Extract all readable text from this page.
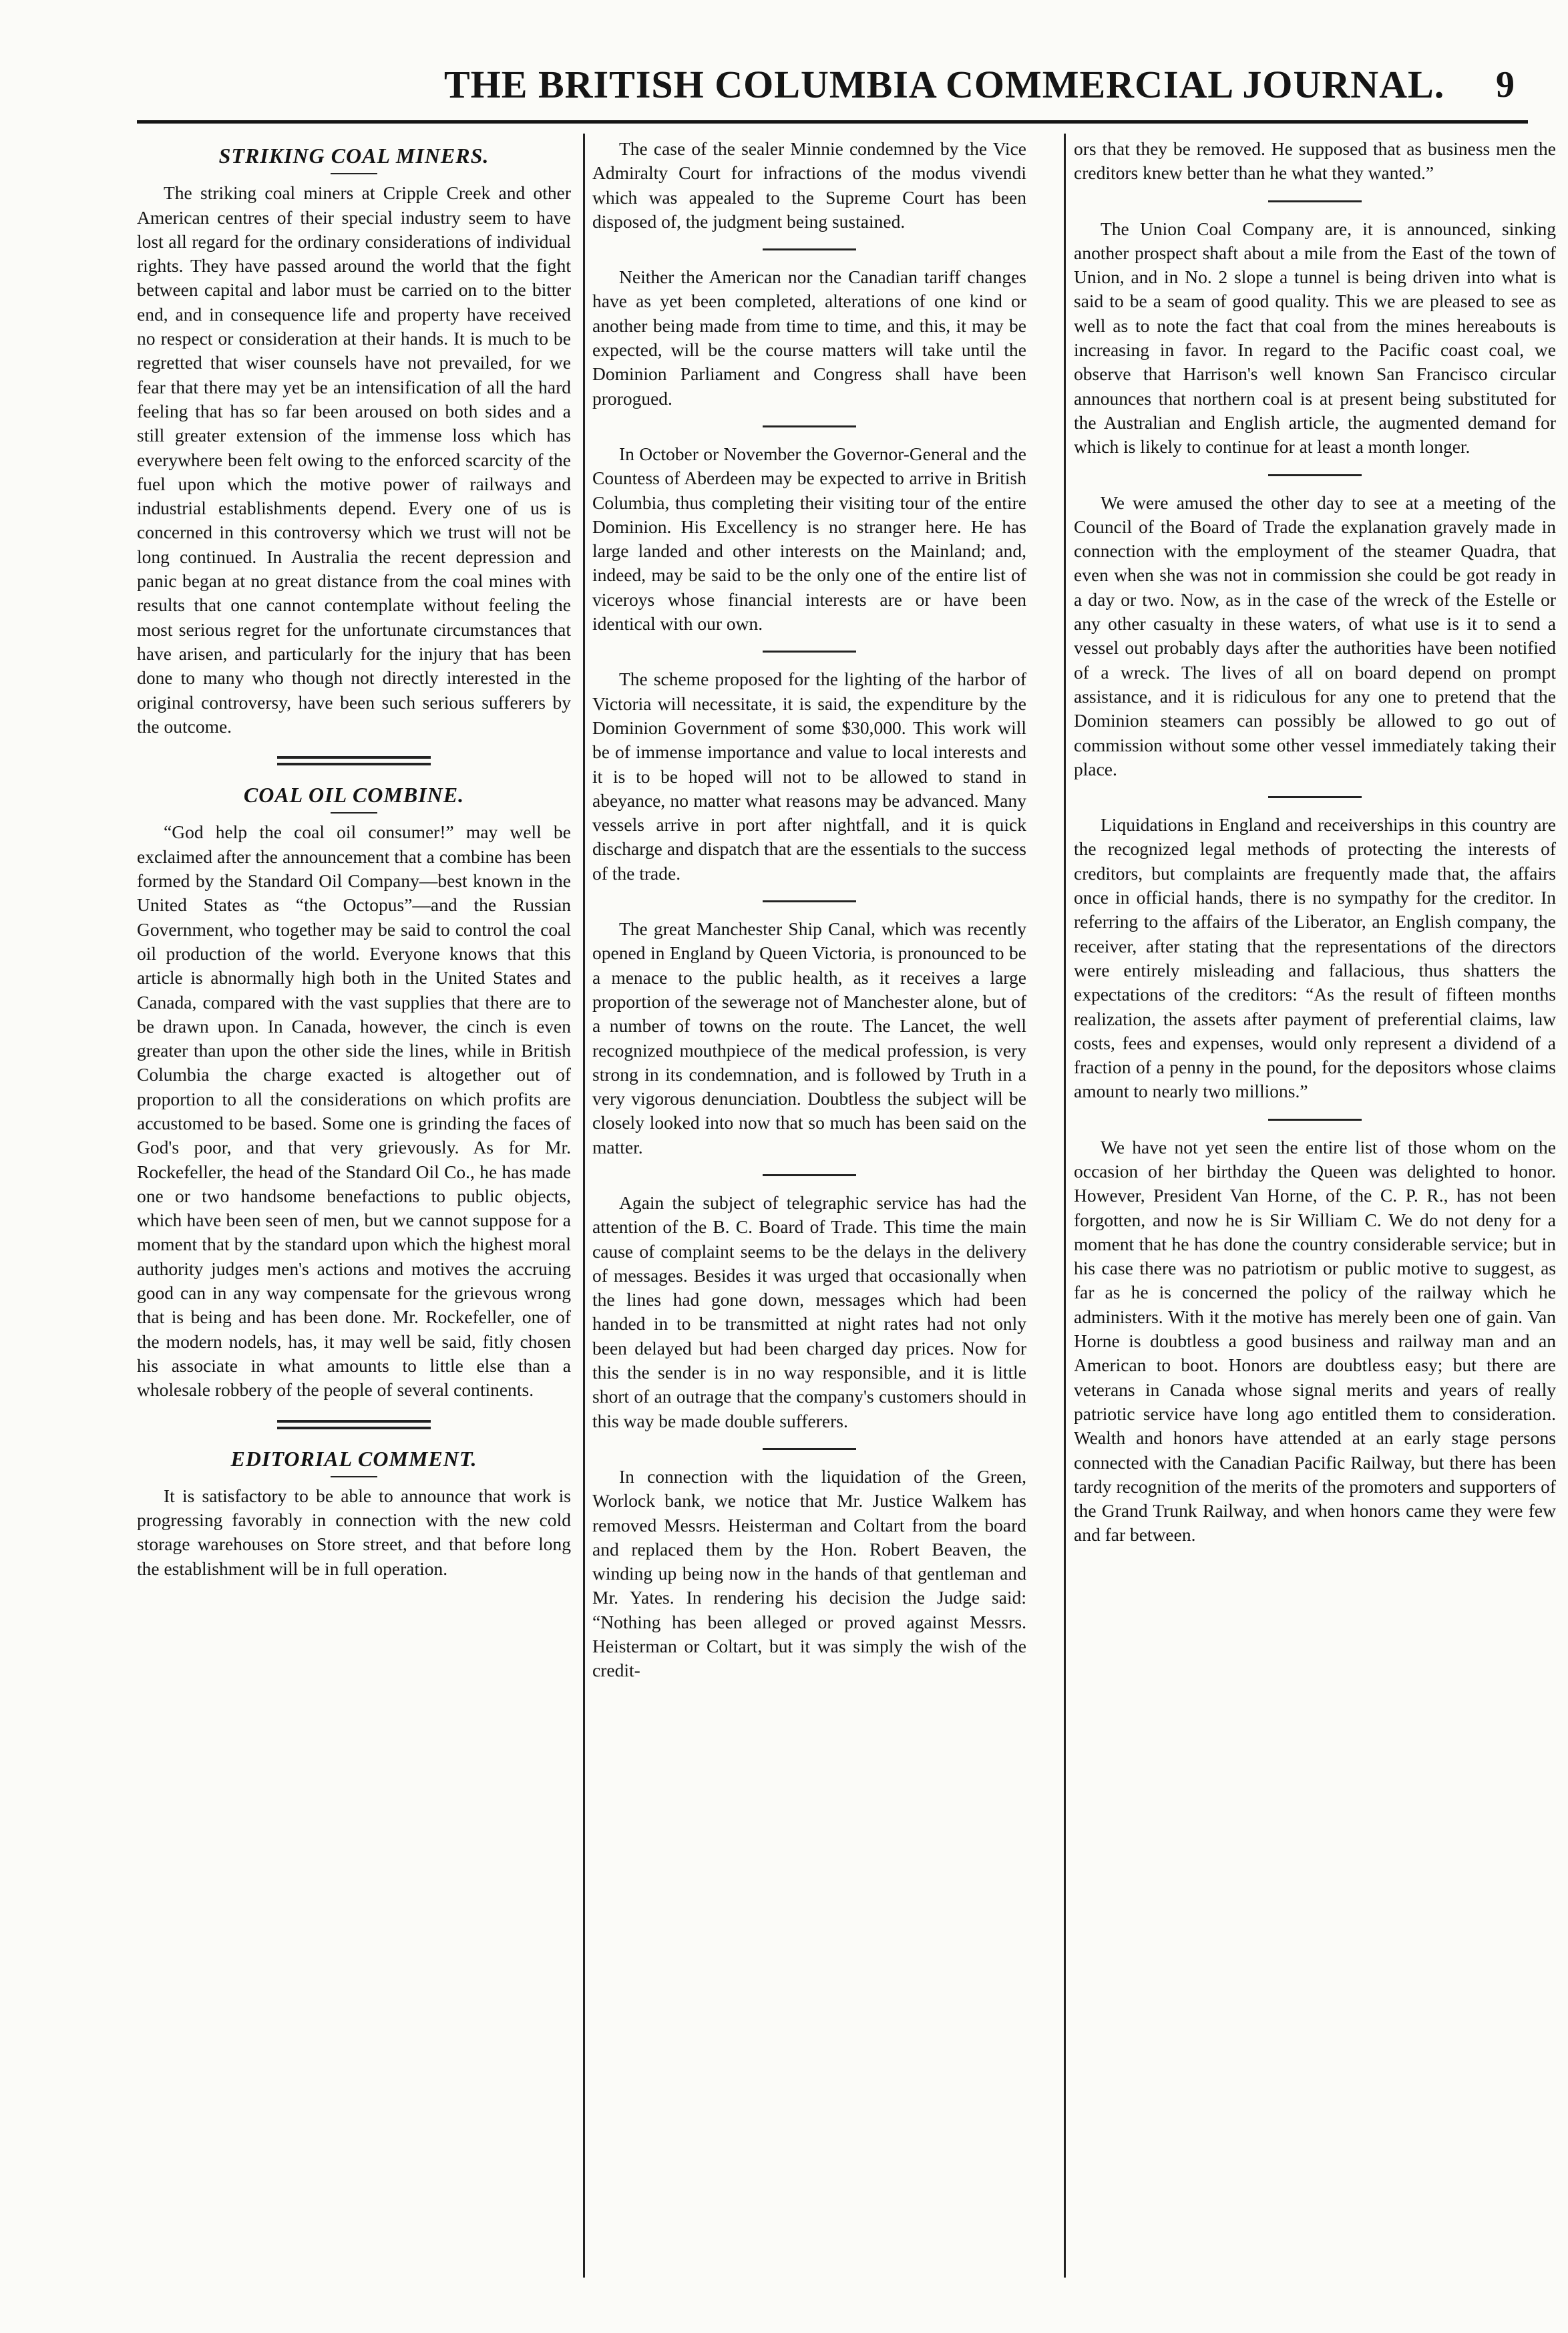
THE BRITISH COLUMBIA COMMERCIAL JOURNAL. 9
STRIKING COAL MINERS.

The striking coal miners at Cripple Creek and other American centres of their special industry seem to have lost all regard for the ordinary considerations of individual rights. They have passed around the world that the fight between capital and labor must be carried on to the bitter end, and in consequence life and property have received no respect or consideration at their hands. It is much to be regretted that wiser counsels have not prevailed, for we fear that there may yet be an intensification of all the hard feeling that has so far been aroused on both sides and a still greater extension of the immense loss which has everywhere been felt owing to the enforced scarcity of the fuel upon which the motive power of railways and industrial establishments depend. Every one of us is concerned in this controversy which we trust will not be long continued. In Australia the recent depression and panic began at no great distance from the coal mines with results that one cannot contemplate without feeling the most serious regret for the unfortunate circumstances that have arisen, and particularly for the injury that has been done to many who though not directly interested in the original controversy, have been such serious sufferers by the outcome.

COAL OIL COMBINE.

“God help the coal oil consumer!” may well be exclaimed after the announcement that a combine has been formed by the Standard Oil Company—best known in the United States as “the Octopus”—and the Russian Government, who together may be said to control the coal oil production of the world. Everyone knows that this article is abnormally high both in the United States and Canada, compared with the vast supplies that there are to be drawn upon. In Canada, however, the cinch is even greater than upon the other side the lines, while in British Columbia the charge exacted is altogether out of proportion to all the considerations on which profits are accustomed to be based. Some one is grinding the faces of God's poor, and that very grievously. As for Mr. Rockefeller, the head of the Standard Oil Co., he has made one or two handsome benefactions to public objects, which have been seen of men, but we cannot suppose for a moment that by the standard upon which the highest moral authority judges men's actions and motives the accruing good can in any way compensate for the grievous wrong that is being and has been done. Mr. Rockefeller, one of the modern nodels, has, it may well be said, fitly chosen his associate in what amounts to little else than a wholesale robbery of the people of several continents.

EDITORIAL COMMENT.

It is satisfactory to be able to announce that work is progressing favorably in connection with the new cold storage warehouses on Store street, and that before long the establishment will be in full operation.

The case of the sealer Minnie condemned by the Vice Admiralty Court for infractions of the modus vivendi which was appealed to the Supreme Court has been disposed of, the judgment being sustained.

Neither the American nor the Canadian tariff changes have as yet been completed, alterations of one kind or another being made from time to time, and this, it may be expected, will be the course matters will take until the Dominion Parliament and Congress shall have been prorogued.

In October or November the Governor-General and the Countess of Aberdeen may be expected to arrive in British Columbia, thus completing their visiting tour of the entire Dominion. His Excellency is no stranger here. He has large landed and other interests on the Mainland; and, indeed, may be said to be the only one of the entire list of viceroys whose financial interests are or have been identical with our own.

The scheme proposed for the lighting of the harbor of Victoria will necessitate, it is said, the expenditure by the Dominion Government of some $30,000. This work will be of immense importance and value to local interests and it is to be hoped will not to be allowed to stand in abeyance, no matter what reasons may be advanced. Many vessels arrive in port after nightfall, and it is quick discharge and dispatch that are the essentials to the success of the trade.

The great Manchester Ship Canal, which was recently opened in England by Queen Victoria, is pronounced to be a menace to the public health, as it receives a large proportion of the sewerage not of Manchester alone, but of a number of towns on the route. The Lancet, the well recognized mouthpiece of the medical profession, is very strong in its condemnation, and is followed by Truth in a very vigorous denunciation. Doubtless the subject will be closely looked into now that so much has been said on the matter.

Again the subject of telegraphic service has had the attention of the B. C. Board of Trade. This time the main cause of complaint seems to be the delays in the delivery of messages. Besides it was urged that occasionally when the lines had gone down, messages which had been handed in to be transmitted at night rates had not only been delayed but had been charged day prices. Now for this the sender is in no way responsible, and it is little short of an outrage that the company's customers should in this way be made double sufferers.

In connection with the liquidation of the Green, Worlock bank, we notice that Mr. Justice Walkem has removed Messrs. Heisterman and Coltart from the board and replaced them by the Hon. Robert Beaven, the winding up being now in the hands of that gentleman and Mr. Yates. In rendering his decision the Judge said: “Nothing has been alleged or proved against Messrs. Heisterman or Coltart, but it was simply the wish of the credit-

ors that they be removed. He supposed that as business men the creditors knew better than he what they wanted.”

The Union Coal Company are, it is announced, sinking another prospect shaft about a mile from the East of the town of Union, and in No. 2 slope a tunnel is being driven into what is said to be a seam of good quality. This we are pleased to see as well as to note the fact that coal from the mines hereabouts is increasing in favor. In regard to the Pacific coast coal, we observe that Harrison's well known San Francisco circular announces that northern coal is at present being substituted for the Australian and English article, the augmented demand for which is likely to continue for at least a month longer.

We were amused the other day to see at a meeting of the Council of the Board of Trade the explanation gravely made in connection with the employment of the steamer Quadra, that even when she was not in commission she could be got ready in a day or two. Now, as in the case of the wreck of the Estelle or any other casualty in these waters, of what use is it to send a vessel out probably days after the authorities have been notified of a wreck. The lives of all on board depend on prompt assistance, and it is ridiculous for any one to pretend that the Dominion steamers can possibly be allowed to go out of commission without some other vessel immediately taking their place.

Liquidations in England and receiverships in this country are the recognized legal methods of protecting the interests of creditors, but complaints are frequently made that, the affairs once in official hands, there is no sympathy for the creditor. In referring to the affairs of the Liberator, an English company, the receiver, after stating that the representations of the directors were entirely misleading and fallacious, thus shatters the expectations of the creditors: “As the result of fifteen months realization, the assets after payment of preferential claims, law costs, fees and expenses, would only represent a dividend of a fraction of a penny in the pound, for the depositors whose claims amount to nearly two millions.”

We have not yet seen the entire list of those whom on the occasion of her birthday the Queen was delighted to honor. However, President Van Horne, of the C. P. R., has not been forgotten, and now he is Sir William C. We do not deny for a moment that he has done the country considerable service; but in his case there was no patriotism or public motive to suggest, as far as he is concerned the policy of the railway which he administers. With it the motive has merely been one of gain. Van Horne is doubtless a good business and railway man and an American to boot. Honors are doubtless easy; but there are veterans in Canada whose signal merits and years of really patriotic service have long ago entitled them to consideration. Wealth and honors have attended at an early stage persons connected with the Canadian Pacific Railway, but there has been tardy recognition of the merits of the promoters and supporters of the Grand Trunk Railway, and when honors came they were few and far between.
